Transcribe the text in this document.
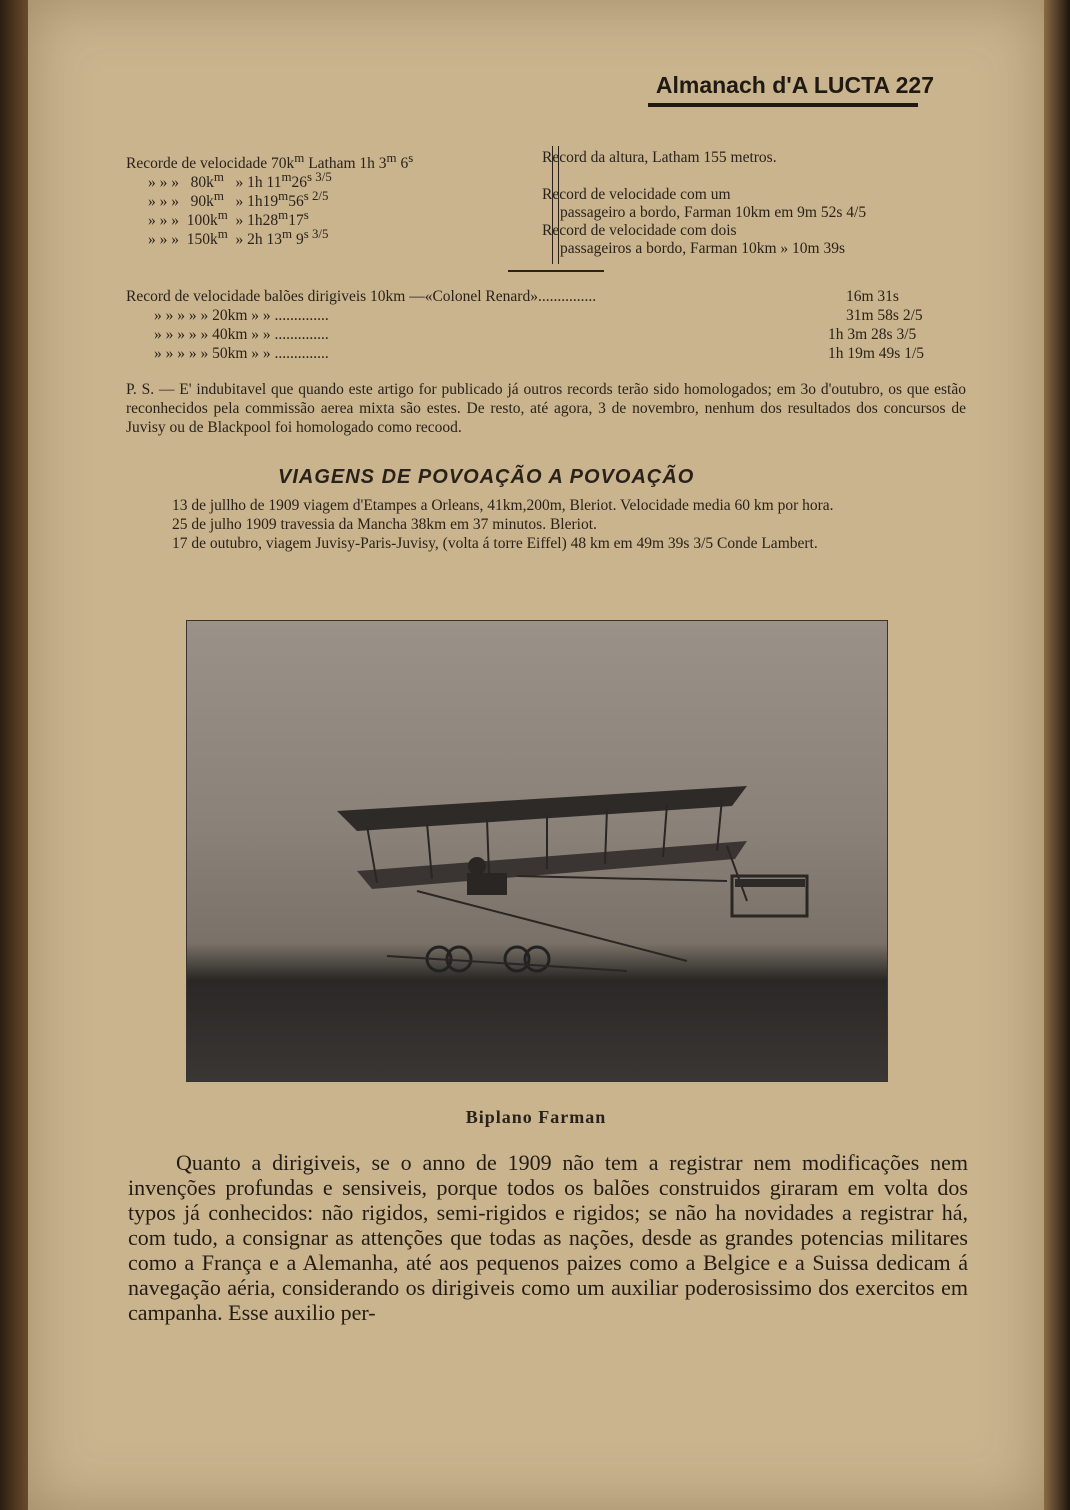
Almanach d'A LUCTA 227
Recorde de velocidade $70k^m$ Latham 1h 3$^m$ 6$^s$
» » » $80k^m$ » 1h $11^m26^{s 3/5}$
» » » $90k^m$ » $1h19^m56^{s 2/5}$
» » » $100k^m$ » 1h28$^m$17$^s$
» » » $150k^m$ » 2h 13$^m$ $9^{s 3/5}$
Record da altura, Latham 155 metros.
Record de velocidade com um
passageiro a bordo, Farman 10km em 9m 52s 4/5
Record de velocidade com dois
passageiros a bordo, Farman 10km » 10m 39s
Record de velocidade balões dirigiveis 10km —«Colonel Renard»...............	16m 31s
» » » » » 20km » » ..............	31m 58s 2/5
» » » » » 40km » » ..............	1h 3m 28s 3/5
» » » » » 50km » » ..............	1h 19m 49s 1/5

P. S. — E' indubitavel que quando este artigo for publicado já outros records terão sido homologados; em 3o d'outubro, os que estão reconhecidos pela commissão aerea mixta são estes. De resto, até agora, 3 de novembro, nenhum dos resultados dos concursos de Juvisy ou de Blackpool foi homologado como recood.

VIAGENS DE POVOAÇÃO A POVOAÇÃO
13 de jullho de 1909 viagem d'Etampes a Orleans, 41km,200m, Bleriot. Velocidade media 60 km por hora.
25 de julho 1909 travessia da Mancha 38km em 37 minutos. Bleriot.
17 de outubro, viagem Juvisy-Paris-Juvisy, (volta á torre Eiffel) 48 km em 49m 39s 3/5 Conde Lambert.
Biplano Farman

Quanto a dirigiveis, se o anno de 1909 não tem a registrar nem modificações nem invenções profundas e sensiveis, porque todos os balões construidos giraram em volta dos typos já conhecidos: não rigidos, semi-rigidos e rigidos; se não ha novidades a registrar há, com tudo, a consignar as attenções que todas as nações, desde as grandes potencias militares como a França e a Alemanha, até aos pequenos paizes como a Belgice e a Suissa dedicam á navegação aéria, considerando os dirigiveis como um auxiliar poderosissimo dos exercitos em campanha. Esse auxilio per-
